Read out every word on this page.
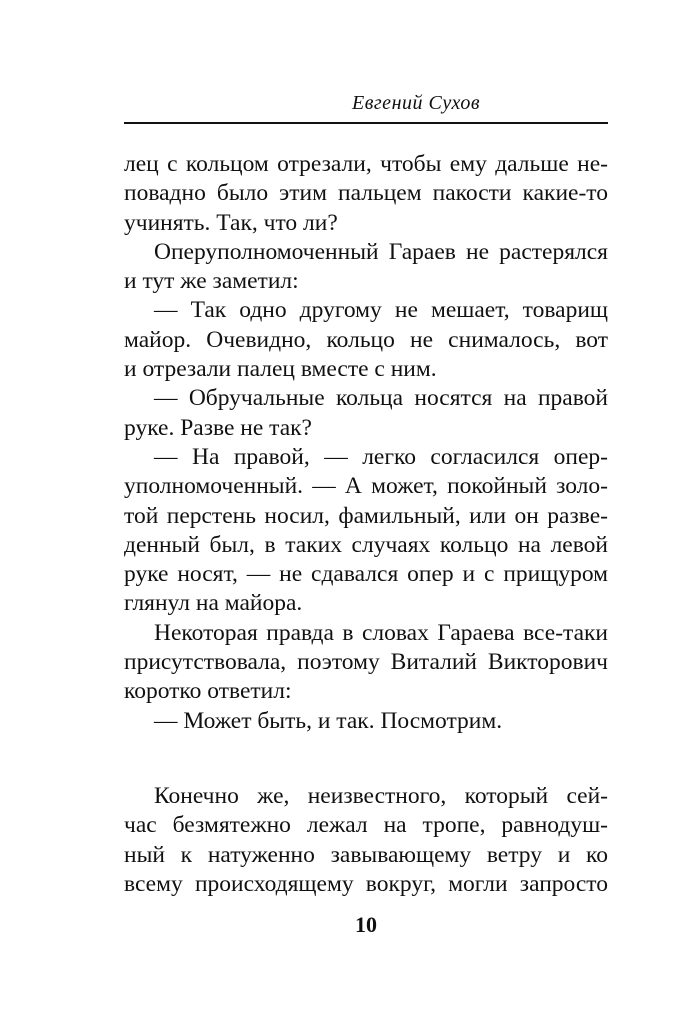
Евгений Сухов
лец с кольцом отрезали, чтобы ему дальше не-
повадно было этим пальцем пакости какие-то
учинять. Так, что ли?
Оперуполномоченный Гараев не растерялся
и тут же заметил:
— Так одно другому не мешает, товарищ
майор. Очевидно, кольцо не снималось, вот
и отрезали палец вместе с ним.
— Обручальные кольца носятся на правой
руке. Разве не так?
— На правой, — легко согласился опер-
уполномоченный. — А может, покойный золо-
той перстень носил, фамильный, или он разве-
денный был, в таких случаях кольцо на левой
руке носят, — не сдавался опер и с прищуром
глянул на майора.
Некоторая правда в словах Гараева все-таки
присутствовала, поэтому Виталий Викторович
коротко ответил:
— Может быть, и так. Посмотрим.
Конечно же, неизвестного, который сей-
час безмятежно лежал на тропе, равнодуш-
ный к натуженно завывающему ветру и ко
всему происходящему вокруг, могли запросто
10
